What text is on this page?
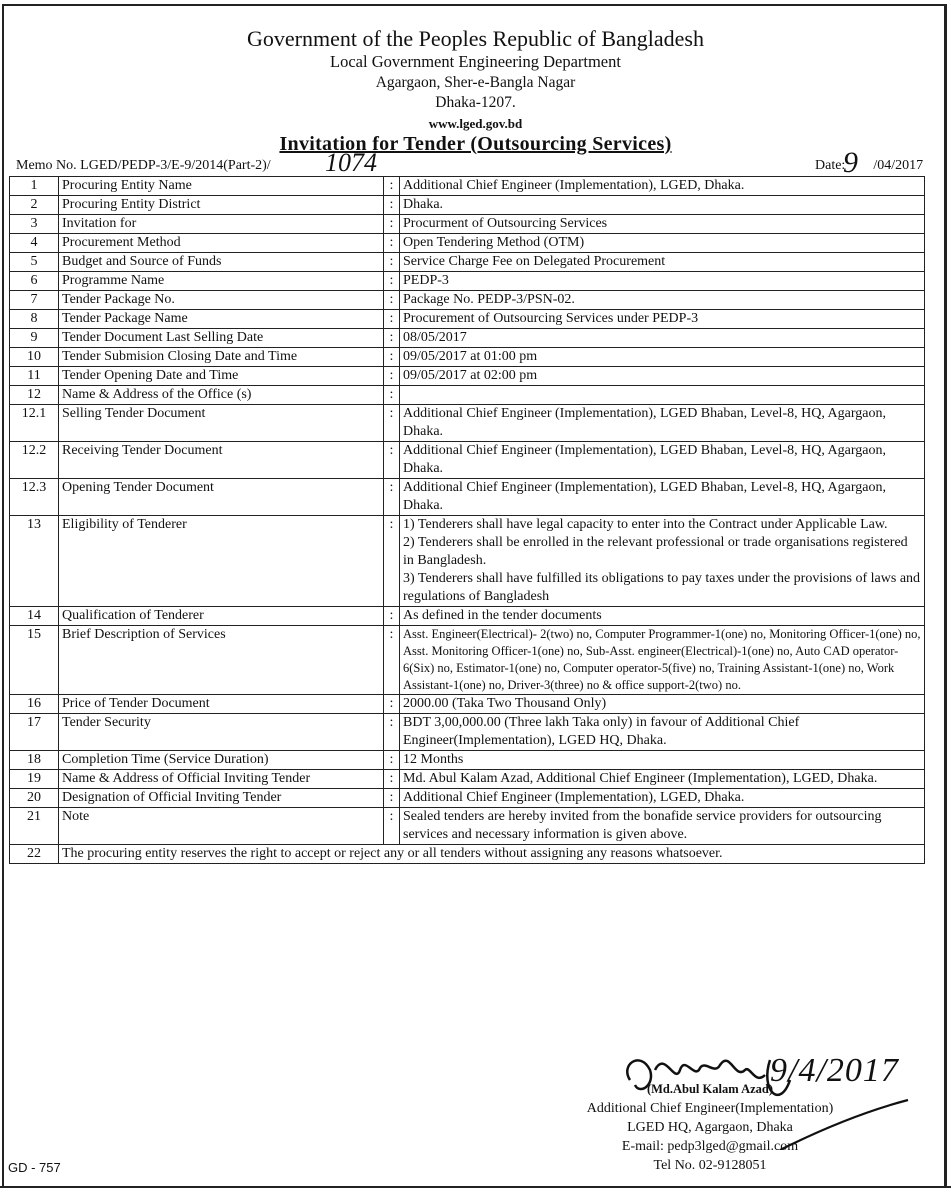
Government of the Peoples Republic of Bangladesh
Local Government Engineering Department
Agargaon, Sher-e-Bangla Nagar
Dhaka-1207.
www.lged.gov.bd
Invitation for Tender (Outsourcing Services)
Memo No. LGED/PEDP-3/E-9/2014(Part-2)/ 1074	Date: /04/2017
9
1	Procuring Entity Name	:	Additional Chief Engineer (Implementation), LGED, Dhaka.
2	Procuring Entity District	:	Dhaka.
3	Invitation for	:	Procurment of Outsourcing Services
4	Procurement Method	:	Open Tendering Method (OTM)
5	Budget and Source of Funds	:	Service Charge Fee on Delegated Procurement
6	Programme Name	:	PEDP-3
7	Tender Package No.	:	Package No. PEDP-3/PSN-02.
8	Tender Package Name	:	Procurement of Outsourcing Services under PEDP-3
9	Tender Document Last Selling Date	:	08/05/2017
10	Tender Submision Closing Date and Time	:	09/05/2017 at 01:00 pm
11	Tender Opening Date and Time	:	09/05/2017 at 02:00 pm
12	Name & Address of the Office (s)	:	
12.1	Selling Tender Document	:	Additional Chief Engineer (Implementation), LGED Bhaban, Level-8, HQ, Agargaon, Dhaka.
12.2	Receiving Tender Document	:	Additional Chief Engineer (Implementation), LGED Bhaban, Level-8, HQ, Agargaon, Dhaka.
12.3	Opening Tender Document	:	Additional Chief Engineer (Implementation), LGED Bhaban, Level-8, HQ, Agargaon, Dhaka.
13	Eligibility of Tenderer	:	1) Tenderers shall have legal capacity to enter into the Contract under Applicable Law.
2) Tenderers shall be enrolled in the relevant professional or trade organisations registered in Bangladesh.
3) Tenderers shall have fulfilled its obligations to pay taxes under the provisions of laws and regulations of Bangladesh
14	Qualification of Tenderer	:	As defined in the tender documents
15	Brief Description of Services	:	Asst. Engineer(Electrical)- 2(two) no, Computer Programmer-1(one) no, Monitoring Officer-1(one) no, Asst. Monitoring Officer-1(one) no, Sub-Asst. engineer(Electrical)-1(one) no, Auto CAD operator-6(Six) no, Estimator-1(one) no, Computer operator-5(five) no, Training Assistant-1(one) no, Work Assistant-1(one) no, Driver-3(three) no & office support-2(two) no.
16	Price of Tender Document	:	2000.00 (Taka Two Thousand Only)
17	Tender Security	:	BDT 3,00,000.00 (Three lakh Taka only) in favour of Additional Chief Engineer(Implementation), LGED HQ, Dhaka.
18	Completion Time (Service Duration)	:	12 Months
19	Name & Address of Official Inviting Tender	:	Md. Abul Kalam Azad, Additional Chief Engineer (Implementation), LGED, Dhaka.
20	Designation of Official Inviting Tender	:	Additional Chief Engineer (Implementation), LGED, Dhaka.
21	Note	:	Sealed tenders are hereby invited from the bonafide service providers for outsourcing services and necessary information is given above.
22	The procuring entity reserves the right to accept or reject any or all tenders without assigning any reasons whatsoever.		
9/4/2017
(Md.Abul Kalam Azad)
Additional Chief Engineer(Implementation)
LGED HQ, Agargaon, Dhaka
E-mail: pedp3lged@gmail.com
Tel No. 02-9128051
GD - 757
